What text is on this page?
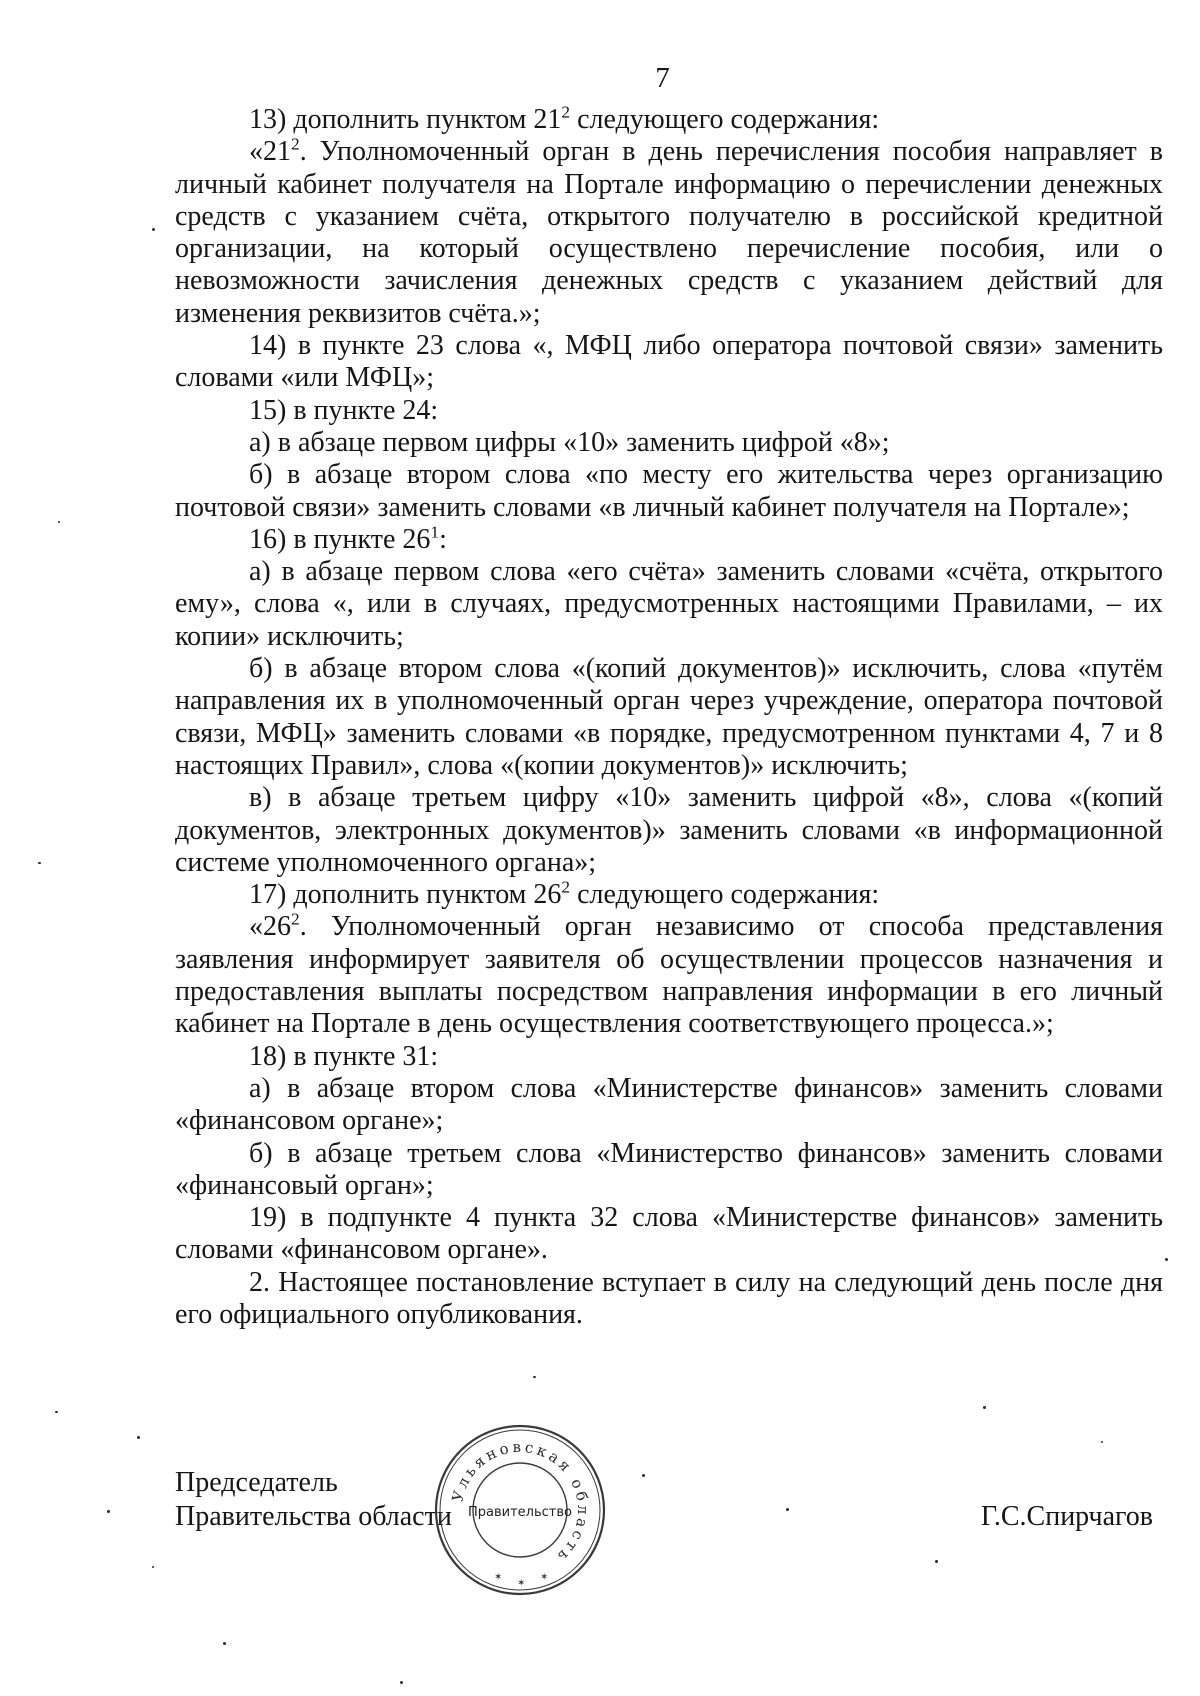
7

13) дополнить пунктом $21^2$ следующего содержания:

«$21^2$. Уполномоченный орган в день перечисления пособия направляет в личный кабинет получателя на Портале информацию о перечислении денежных средств с указанием счёта, открытого получателю в российской кредитной организации, на который осуществлено перечисление пособия, или о невозможности зачисления денежных средств с указанием действий для изменения реквизитов счёта.»;

14) в пункте 23 слова «, МФЦ либо оператора почтовой связи» заменить словами «или МФЦ»;

15) в пункте 24:

а) в абзаце первом цифры «10» заменить цифрой «8»;

б) в абзаце втором слова «по месту его жительства через организацию почтовой связи» заменить словами «в личный кабинет получателя на Портале»;

16) в пункте $26^1$:

а) в абзаце первом слова «его счёта» заменить словами «счёта, открытого ему», слова «, или в случаях, предусмотренных настоящими Правилами, – их копии» исключить;

б) в абзаце втором слова «(копий документов)» исключить, слова «путём направления их в уполномоченный орган через учреждение, оператора почтовой связи, МФЦ» заменить словами «в порядке, предусмотренном пунктами 4, 7 и 8 настоящих Правил», слова «(копии документов)» исключить;

в) в абзаце третьем цифру «10» заменить цифрой «8», слова «(копий документов, электронных документов)» заменить словами «в информационной системе уполномоченного органа»;

17) дополнить пунктом $26^2$ следующего содержания:

«$26^2$. Уполномоченный орган независимо от способа представления заявления информирует заявителя об осуществлении процессов назначения и предоставления выплаты посредством направления информации в его личный кабинет на Портале в день осуществления соответствующего процесса.»;

18) в пункте 31:

а) в абзаце втором слова «Министерстве финансов» заменить словами «финансовом органе»;

б) в абзаце третьем слова «Министерство финансов» заменить словами «финансовый орган»;

19) в подпункте 4 пункта 32 слова «Министерстве финансов» заменить словами «финансовом органе».

2. Настоящее постановление вступает в силу на следующий день после дня его официального опубликования.

Председатель
Правительства области	Г.С.Спирчагов
Ульяновская область
Правительство
✶	✶
✶
